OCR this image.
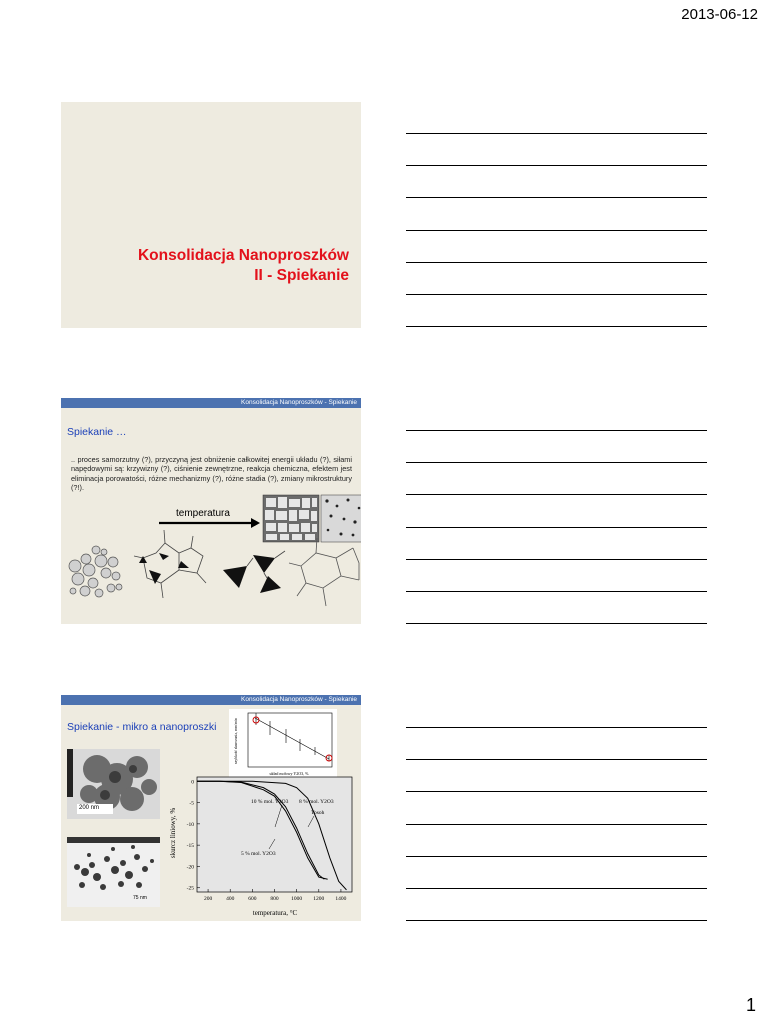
2013-06-12
Konsolidacja Nanoproszków
II - Spiekanie
Konsolidacja Nanoproszków - Spiekanie
Spiekanie …
.. proces samorzutny (?), przyczyną jest obniżenie całkowitej energii układu (?), siłami napędowymi są: krzywizny (?), ciśnienie zewnętrzne, reakcja chemiczna, efektem jest eliminacja porowatości, różne mechanizmy (?), różne stadia (?), zmiany mikrostruktury (?!).
temperatura
Konsolidacja Nanoproszków - Spiekanie
Spiekanie - mikro a nanoproszki
200 nm
75 nm
układ mołowy Y2O3, %
szybkość skurczania, mm/min
0
-5
-10
-15
-20
-25
200	400	600	800 1000 1200 1400
10 % mol. Y2O3 8 % mol. Y2O3
Tosoh
5 % mol. Y2O3
temperatura, °C
skurcz liniowy, %
1
